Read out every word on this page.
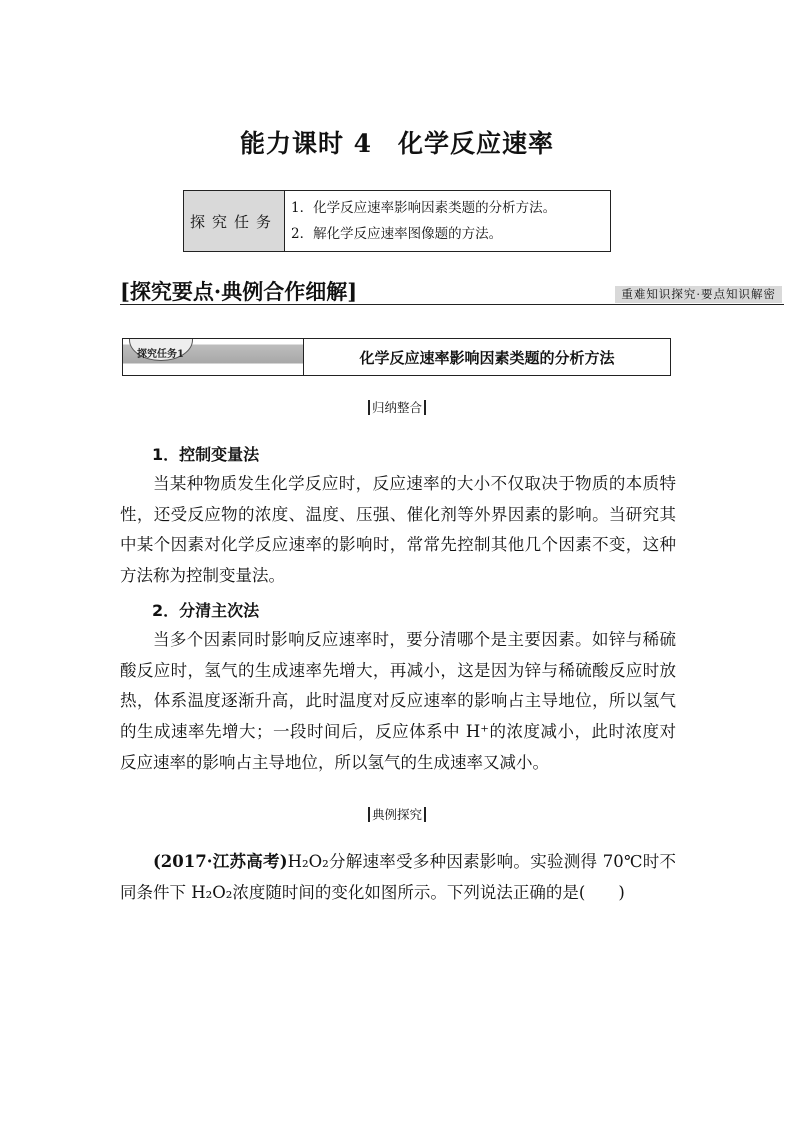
能力课时 4　化学反应速率
探究任务
1．化学反应速率影响因素类题的分析方法。
2．解化学反应速率图像题的方法。
[探究要点·典例合作细解]	重难知识探究·要点知识解密
探究任务1	化学反应速率影响因素类题的分析方法
归纳整合
1．控制变量法

当某种物质发生化学反应时，反应速率的大小不仅取决于物质的本质特性，还受反应物的浓度、温度、压强、催化剂等外界因素的影响。当研究其中某个因素对化学反应速率的影响时，常常先控制其他几个因素不变，这种方法称为控制变量法。

2．分清主次法

当多个因素同时影响反应速率时，要分清哪个是主要因素。如锌与稀硫酸反应时，氢气的生成速率先增大，再减小，这是因为锌与稀硫酸反应时放热，体系温度逐渐升高，此时温度对反应速率的影响占主导地位，所以氢气的生成速率先增大；一段时间后，反应体系中 H⁺的浓度减小，此时浓度对反应速率的影响占主导地位，所以氢气的生成速率又减小。

典例探究

(2017·江苏高考)H₂O₂分解速率受多种因素影响。实验测得 70℃时不同条件下 H₂O₂浓度随时间的变化如图所示。下列说法正确的是(　　)
